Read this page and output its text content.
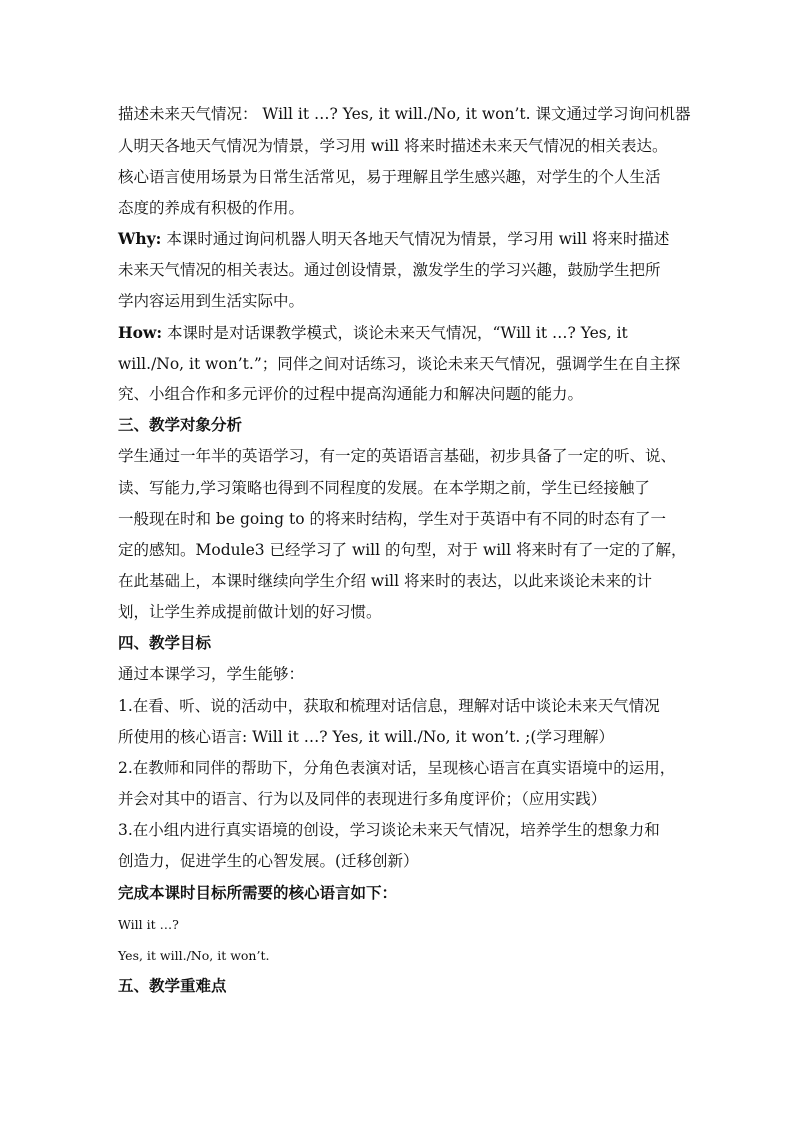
描述未来天气情况： Will it …? Yes, it will./No, it won’t. 课文通过学习询问机器
人明天各地天气情况为情景，学习用 will 将来时描述未来天气情况的相关表达。
核心语言使用场景为日常生活常见，易于理解且学生感兴趣，对学生的个人生活
态度的养成有积极的作用。
Why: 本课时通过询问机器人明天各地天气情况为情景，学习用 will 将来时描述
未来天气情况的相关表达。通过创设情景，激发学生的学习兴趣，鼓励学生把所
学内容运用到生活实际中。
How: 本课时是对话课教学模式，谈论未来天气情况，“Will it …? Yes, it
will./No, it won’t.”；同伴之间对话练习，谈论未来天气情况，强调学生在自主探
究、小组合作和多元评价的过程中提高沟通能力和解决问题的能力。
三、教学对象分析
学生通过一年半的英语学习，有一定的英语语言基础，初步具备了一定的听、说、
读、写能力,学习策略也得到不同程度的发展。在本学期之前，学生已经接触了
一般现在时和 be going to 的将来时结构，学生对于英语中有不同的时态有了一
定的感知。Module3 已经学习了 will 的句型，对于 will 将来时有了一定的了解，
在此基础上，本课时继续向学生介绍 will 将来时的表达，以此来谈论未来的计
划，让学生养成提前做计划的好习惯。
四、教学目标
通过本课学习，学生能够：
1.在看、听、说的活动中，获取和梳理对话信息，理解对话中谈论未来天气情况
所使用的核心语言: Will it …? Yes, it will./No, it won’t. ;(学习理解）
2.在教师和同伴的帮助下，分角色表演对话，呈现核心语言在真实语境中的运用，
并会对其中的语言、行为以及同伴的表现进行多角度评价；（应用实践）
3.在小组内进行真实语境的创设，学习谈论未来天气情况，培养学生的想象力和
创造力，促进学生的心智发展。(迁移创新）
完成本课时目标所需要的核心语言如下：
Will it …?
Yes, it will./No, it won’t.
五、教学重难点
